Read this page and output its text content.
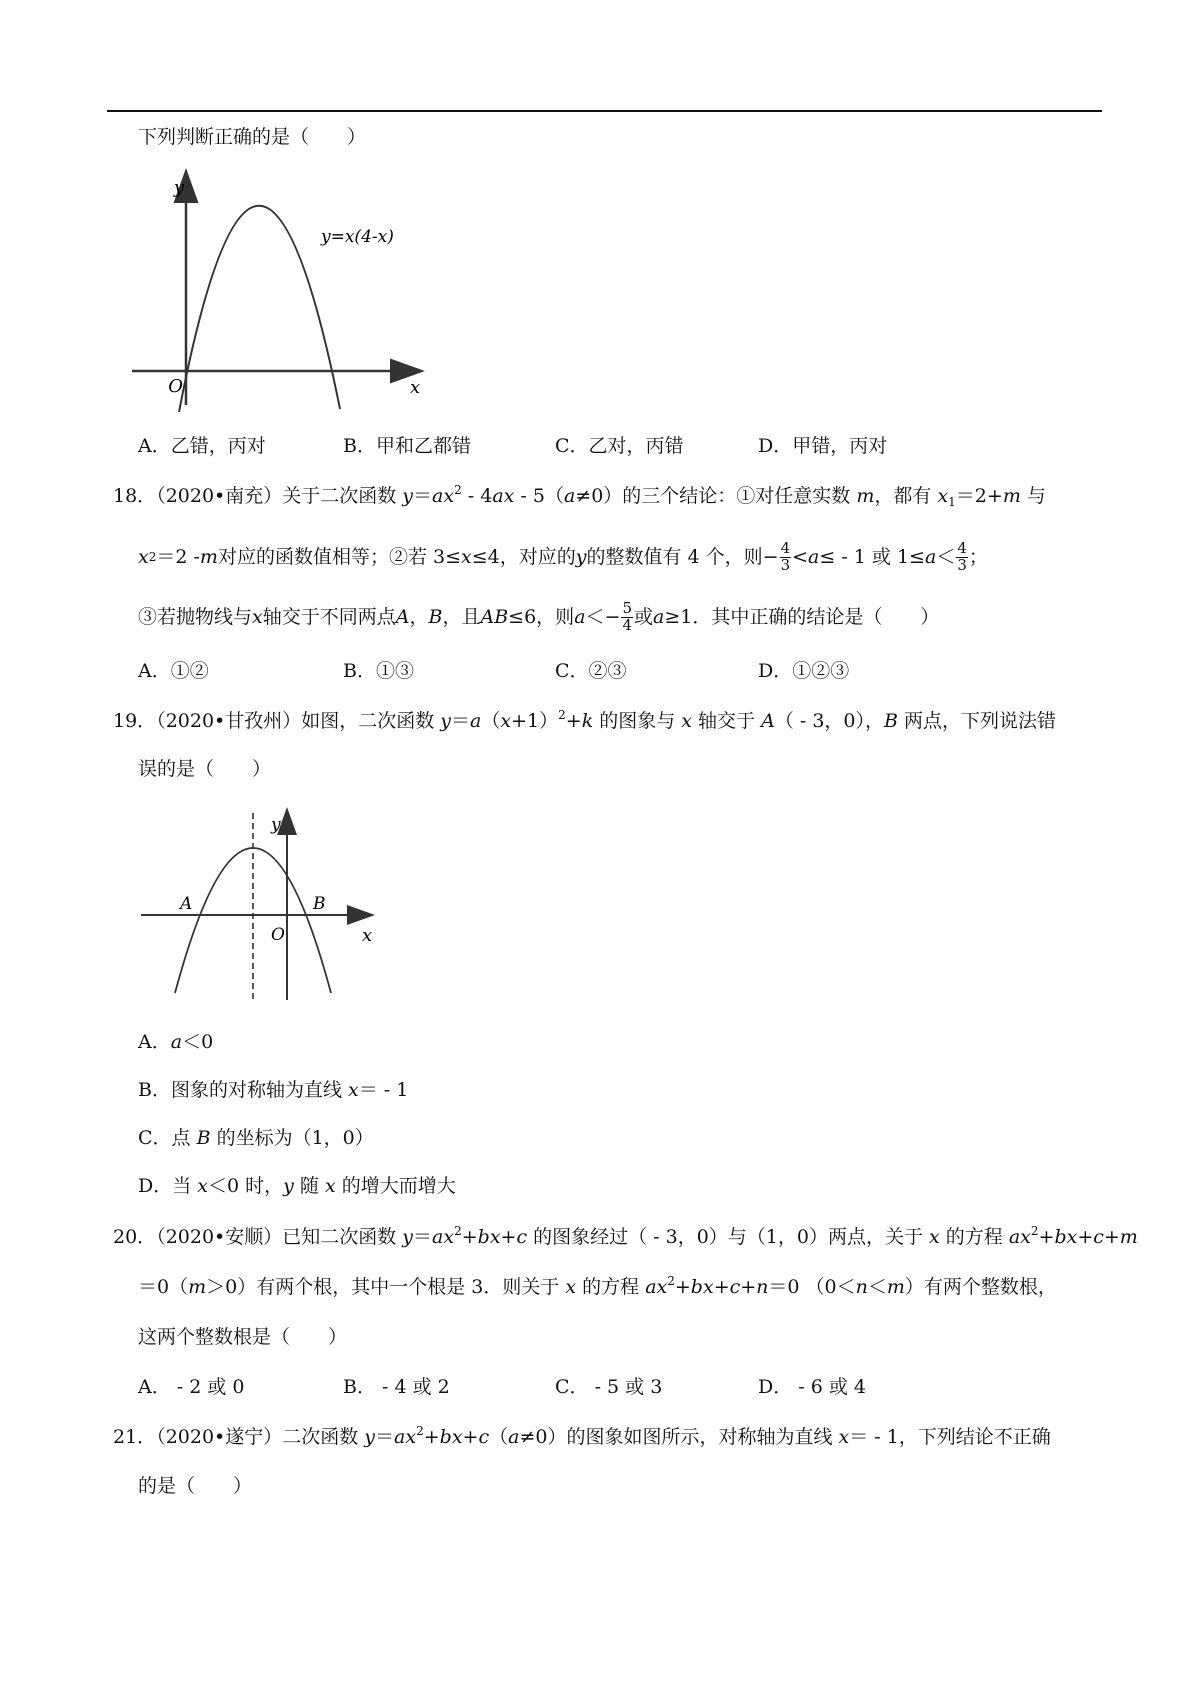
下列判断正确的是（　　）
y
x
O
y=x(4-x)
A．乙错，丙对	B．甲和乙都错	C．乙对，丙错	D．甲错，丙对
18．（2020•南充）关于二次函数 $y=ax^2 - 4ax - 5(a\ne 0)$的三个结论：①对任意实数 m，都有 $x_1=2+m$ 与
x 2 ＝2 - m 对应的函数值相等；②若 3≤ x ≤4，对应的 y 的整数值有 4 个，则− $\frac{4}{3} < a$ ≤ - 1 或 $1\le a < \frac{4}{3}$ ；
③若抛物线与 x 轴交于不同两点 A ， B ，且 AB ≤6，则 $a <- \frac{5}{4}$ 或 a ≥1．其中正确的结论是（　　）
A．①②	B．①③	C．②③	D．①②③
19．（2020•甘孜州）如图，二次函数 $y=a(x+1)^2+k$ 的图象与 x 轴交于 A（ - 3，0），B 两点，下列说法错
误的是（　　）
y
x
O
A	B
A．a＜0
B．图象的对称轴为直线 x＝ - 1
C．点 B 的坐标为（1，0）
D．当 x＜0 时，y 随 x 的增大而增大
20．（2020•安顺）已知二次函数 $y=ax^2+bx+c$ 的图象经过（ - 3，0）与（1，0）两点，关于 x 的方程 $ax^2+bx+c+m$
＝0（m＞0）有两个根，其中一个根是 3．则关于 x 的方程 $ax^2+bx+c+n=0$ （0＜n＜m）有两个整数根，
这两个整数根是（　　）
A． - 2 或 0	B． - 4 或 2	C． - 5 或 3	D． - 6 或 4
21．（2020•遂宁）二次函数 $y=ax^2+bx+c(a\ne 0)$的图象如图所示，对称轴为直线 x＝ - 1，下列结论不正确
的是（　　）
